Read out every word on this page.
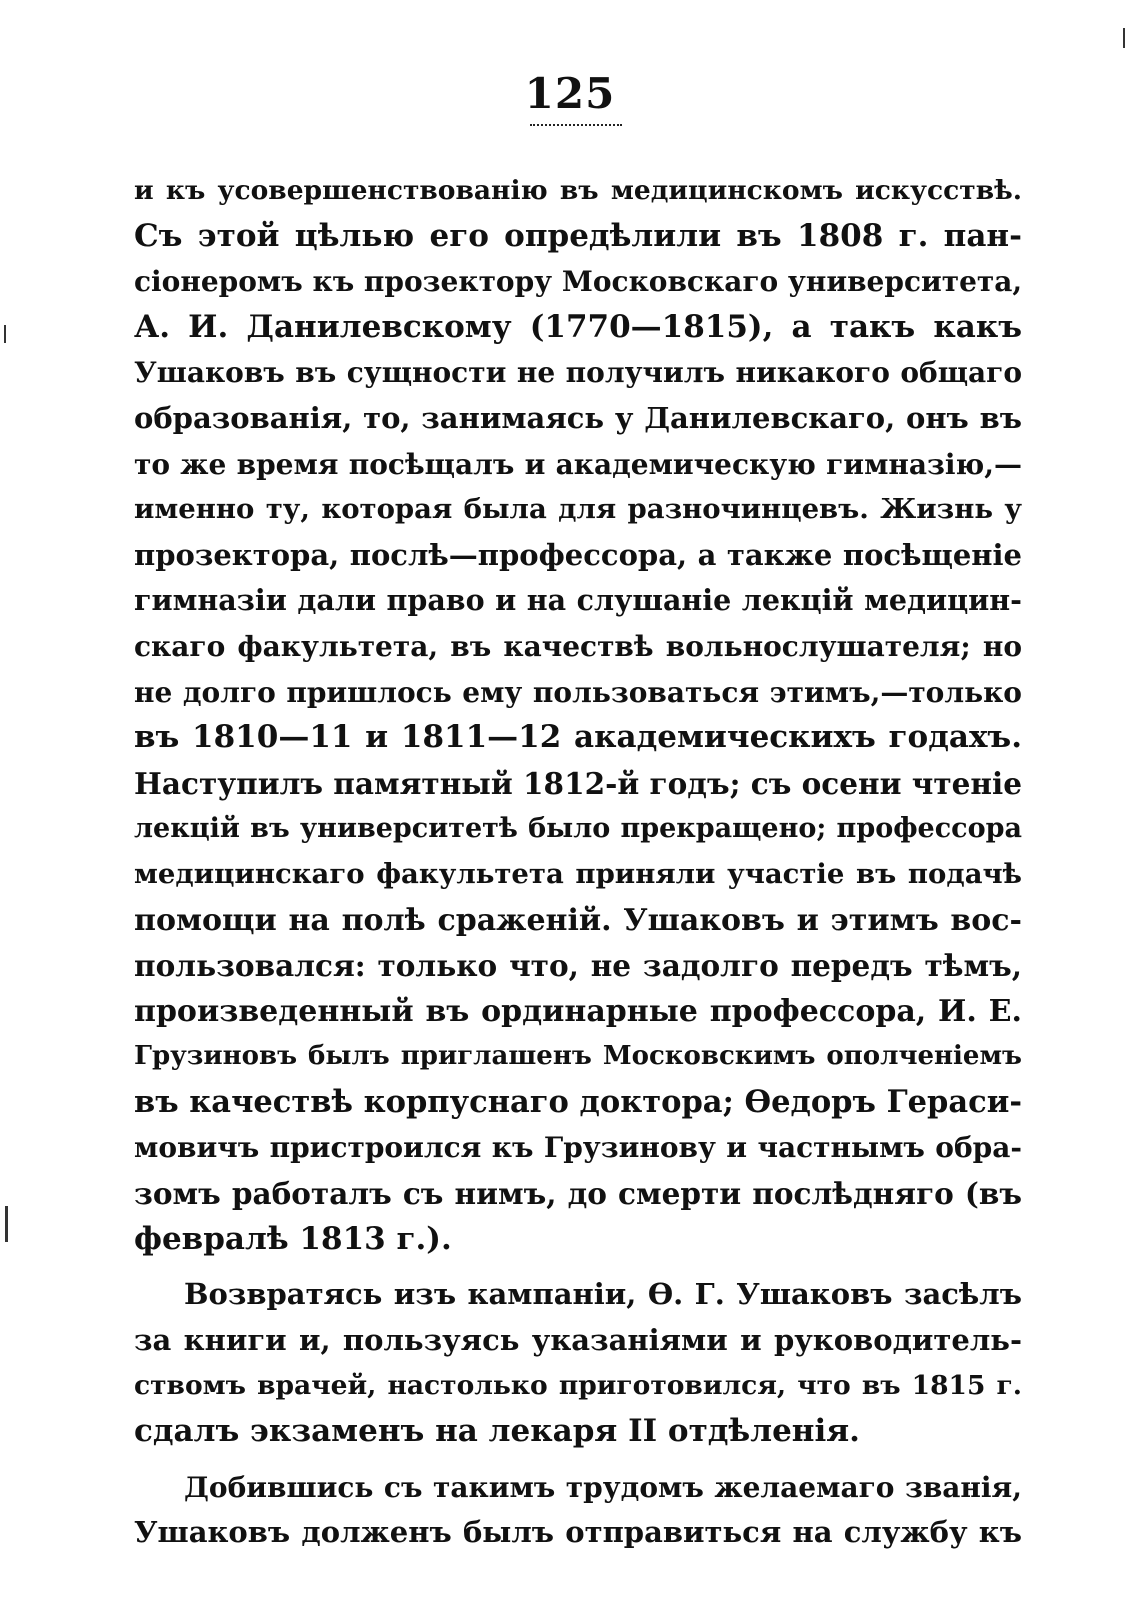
125
и къ усовершенствованію въ медицинскомъ искусствѣ.
Съ этой цѣлью его опредѣлили въ 1808 г. пан-
сіонеромъ къ прозектору Московскаго университета,
А. И. Данилевскому (1770—1815), а такъ какъ
Ушаковъ въ сущности не получилъ никакого общаго
образованія, то, занимаясь у Данилевскаго, онъ въ
то же время посѣщалъ и академическую гимназію,—
именно ту, которая была для разночинцевъ. Жизнь у
прозектора, послѣ—профессора, а также посѣщеніе
гимназіи дали право и на слушаніе лекцій медицин-
скаго факультета, въ качествѣ вольнослушателя; но
не долго пришлось ему пользоваться этимъ,—только
въ 1810—11 и 1811—12 академическихъ годахъ.
Наступилъ памятный 1812-й годъ; съ осени чтеніе
лекцій въ университетѣ было прекращено; профессора
медицинскаго факультета приняли участіе въ подачѣ
помощи на полѣ сраженій. Ушаковъ и этимъ вос-
пользовался: только что, не задолго передъ тѣмъ,
произведенный въ ординарные профессора, И. Е.
Грузиновъ былъ приглашенъ Московскимъ ополченіемъ
въ качествѣ корпуснаго доктора; Өедоръ Гераси-
мовичъ пристроился къ Грузинову и частнымъ обра-
зомъ работалъ съ нимъ, до смерти послѣдняго (въ
февралѣ 1813 г.).
Возвратясь изъ кампаніи, Ө. Г. Ушаковъ засѣлъ
за книги и, пользуясь указаніями и руководитель-
ствомъ врачей, настолько приготовился, что въ 1815 г.
сдалъ экзаменъ на лекаря II отдѣленія.
Добившись съ такимъ трудомъ желаемаго званія,
Ушаковъ долженъ былъ отправиться на службу къ
